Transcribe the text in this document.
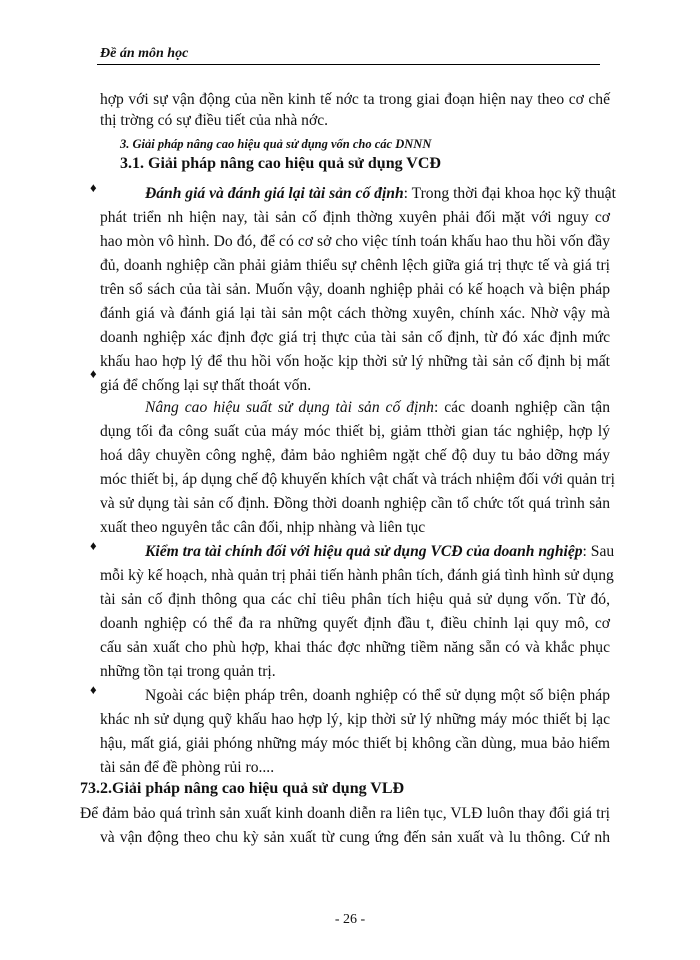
Đề án môn học
hợp với sự vận động của nền kinh tế nớc ta trong giai đoạn hiện nay theo cơ chế
thị trờng có sự điều tiết của nhà nớc.
3. Giải pháp nâng cao hiệu quả sử dụng vốn cho các DNNN
3.1. Giải pháp nâng cao hiệu quả sử dụng VCĐ
♦	Đánh giá và đánh giá lại tài sản cố định: Trong thời đại khoa học kỹ thuật
phát triển nh hiện nay, tài sản cố định thờng xuyên phải đối mặt với nguy cơ
hao mòn vô hình. Do đó, để có cơ sở cho việc tính toán khấu hao thu hồi vốn đầy
đủ, doanh nghiệp cần phải giảm thiểu sự chênh lệch giữa giá trị thực tế và giá trị
trên sổ sách của tài sản. Muốn vậy, doanh nghiệp phải có kế hoạch và biện pháp
đánh giá và đánh giá lại tài sản một cách thờng xuyên, chính xác. Nhờ vậy mà
doanh nghiệp xác định đợc giá trị thực của tài sản cố định, từ đó xác định mức
khấu hao hợp lý để thu hồi vốn hoặc kịp thời sử lý những tài sản cố định bị mất
giá để chống lại sự thất thoát vốn.
♦
Nâng cao hiệu suất sử dụng tài sản cố định: các doanh nghiệp cần tận
dụng tối đa công suất của máy móc thiết bị, giảm tthời gian tác nghiệp, hợp lý
hoá dây chuyền công nghệ, đảm bảo nghiêm ngặt chế độ duy tu bảo dỡng máy
móc thiết bị, áp dụng chế độ khuyến khích vật chất và trách nhiệm đối với quản trị
và sử dụng tài sản cố định. Đồng thời doanh nghiệp cần tổ chức tốt quá trình sản
xuất theo nguyên tắc cân đối, nhịp nhàng và liên tục
♦	Kiểm tra tài chính đối với hiệu quả sử dụng VCĐ của doanh nghiệp: Sau
mỗi kỳ kế hoạch, nhà quản trị phải tiến hành phân tích, đánh giá tình hình sử dụng
tài sản cố định thông qua các chỉ tiêu phân tích hiệu quả sử dụng vốn. Từ đó,
doanh nghiệp có thể đa ra những quyết định đầu t, điều chỉnh lại quy mô, cơ
cấu sản xuất cho phù hợp, khai thác đợc những tiềm năng sẵn có và khắc phục
những tồn tại trong quản trị.
♦	Ngoài các biện pháp trên, doanh nghiệp có thể sử dụng một số biện pháp
khác nh sử dụng quỹ khấu hao hợp lý, kịp thời sử lý những máy móc thiết bị lạc
hậu, mất giá, giải phóng những máy móc thiết bị không cần dùng, mua bảo hiểm
tài sản để đề phòng rủi ro....
73.2.Giải pháp nâng cao hiệu quả sử dụng VLĐ
Để đảm bảo quá trình sản xuất kinh doanh diễn ra liên tục, VLĐ luôn thay đổi giá trị
và vận động theo chu kỳ sản xuất từ cung ứng đến sản xuất và lu thông. Cứ nh
- 26 -
